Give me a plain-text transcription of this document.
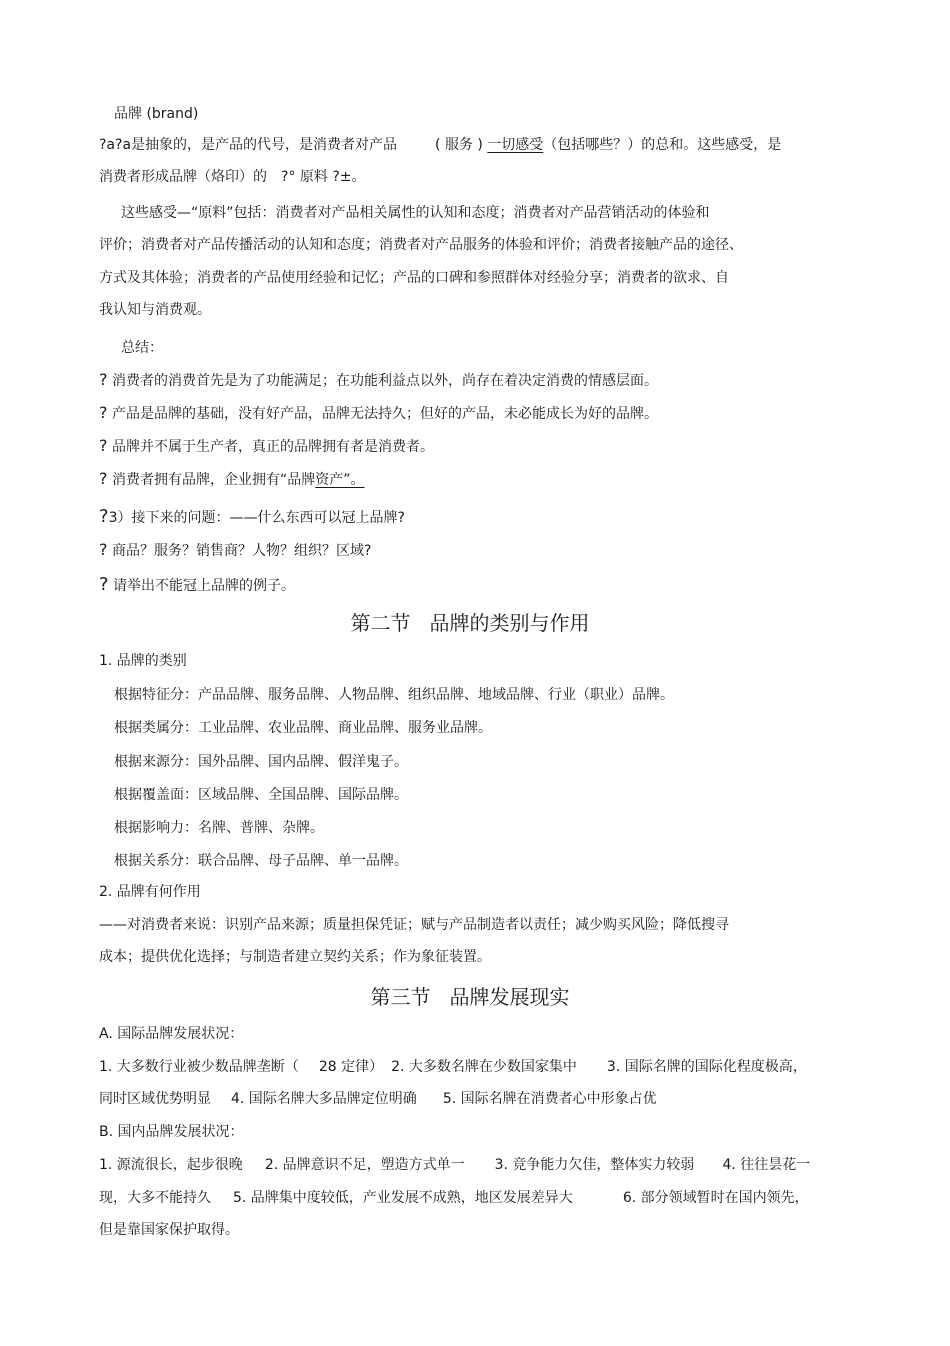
品牌 (brand)
?a?a是抽象的，是产品的代号，是消费者对产品	( 服务 ) 一切感受（包括哪些？）的总和。这些感受，是
消费者形成品牌（烙印）的 ?° 原料 ?±。
这些感受—“原料”包括：消费者对产品相关属性的认知和态度；消费者对产品营销活动的体验和
评价；消费者对产品传播活动的认知和态度；消费者对产品服务的体验和评价；消费者接触产品的途径、
方式及其体验；消费者的产品使用经验和记忆；产品的口碑和参照群体对经验分享；消费者的欲求、自
我认知与消费观。
总结：
? 消费者的消费首先是为了功能满足；在功能利益点以外，尚存在着决定消费的情感层面。
? 产品是品牌的基础，没有好产品，品牌无法持久；但好的产品，未必能成长为好的品牌。
? 品牌并不属于生产者，真正的品牌拥有者是消费者。
? 消费者拥有品牌，企业拥有“品牌资产”。
?3）接下来的问题：——什么东西可以冠上品牌?
? 商品？服务？销售商？人物？组织？区域?
? 请举出不能冠上品牌的例子。
第二节   品牌的类别与作用
1. 品牌的类别
根据特征分：产品品牌、服务品牌、人物品牌、组织品牌、地域品牌、行业（职业）品牌。
根据类属分：工业品牌、农业品牌、商业品牌、服务业品牌。
根据来源分：国外品牌、国内品牌、假洋鬼子。
根据覆盖面：区域品牌、全国品牌、国际品牌。
根据影响力：名牌、普牌、杂牌。
根据关系分：联合品牌、母子品牌、单一品牌。
2. 品牌有何作用
——对消费者来说：识别产品来源；质量担保凭证；赋与产品制造者以责任；减少购买风险；降低搜寻
成本；提供优化选择；与制造者建立契约关系；作为象征装置。
第三节   品牌发展现实
A. 国际品牌发展状况：
1. 大多数行业被少数品牌垄断（ 28 定律） 2. 大多数名牌在少数国家集中 3. 国际名牌的国际化程度极高，
同时区域优势明显 4. 国际名牌大多品牌定位明确 5. 国际名牌在消费者心中形象占优
B. 国内品牌发展状况：
1. 源流很长，起步很晚 2. 品牌意识不足，塑造方式单一 3. 竞争能力欠佳，整体实力较弱 4. 往往昙花一
现，大多不能持久 5. 品牌集中度较低，产业发展不成熟，地区发展差异大	6. 部分领域暂时在国内领先，
但是靠国家保护取得。
